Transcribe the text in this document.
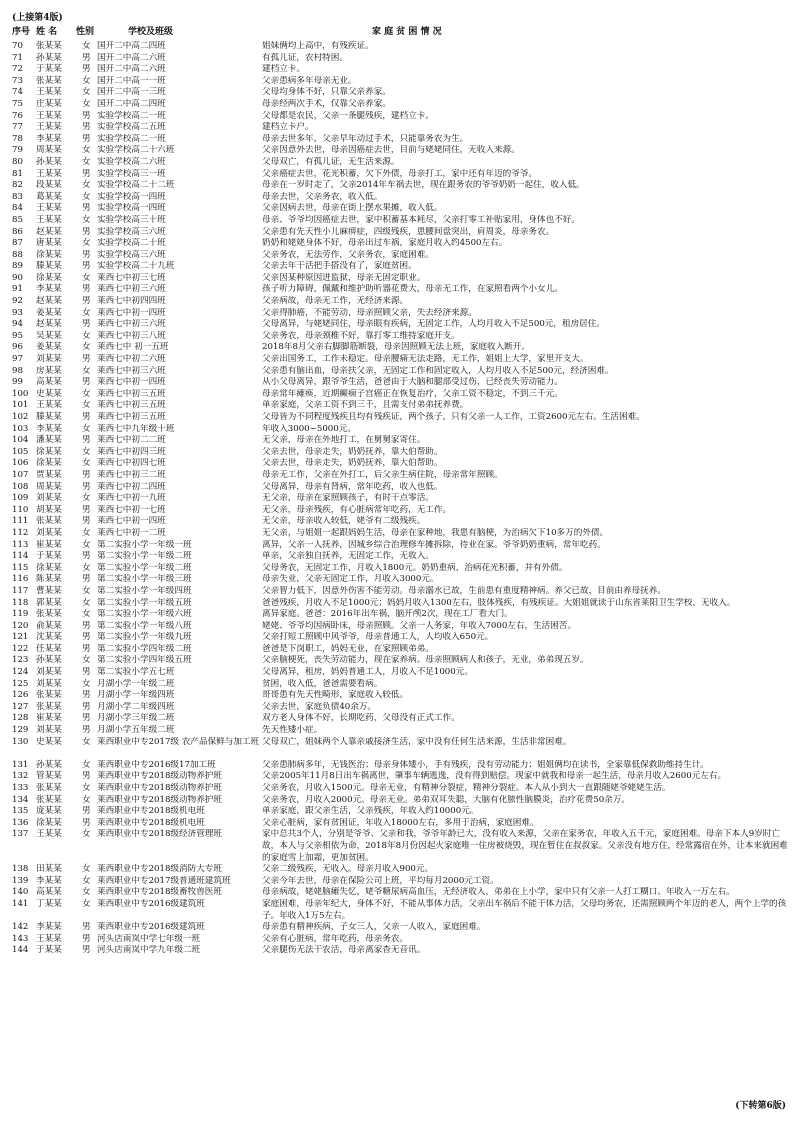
(上接第4版)
序号 姓 名 性别	学校及班级	家 庭 贫 困 情 况
70	张某某	女 国开二中高二四班	姐妹俩均上高中，有残疾证。
71	孙某某	男 国开二中高二六班	有孤儿证，农村特困。
72	于某某	男 国开二中高二六班	建档立卡。
73	张某某	女 国开二中高一一班	父亲患病多年母亲无业。
74	王某某	女 国开二中高一三班	父母均身体不好，只靠父亲养家。
75	庄某某	女 国开二中高二四班	母亲经两次手术，仅靠父亲养家。
76	王某某	男 实验学校高二一班	父母都是农民，父亲一条腿残疾，建档立卡。
77	王某某	男 实验学校高二五班	建档立卡户。
78	李某某	男 实验学校高二一班	母亲去世多年，父亲早年动过手术，只能靠务农为生。
79	周某某	女 实验学校高二十六班	父亲因意外去世，母亲因癌症去世，目前与姥姥同住，无收入来源。
80	孙某某	女 实验学校高二六班	父母双亡，有孤儿证，无生活来源。
81	王某某	男 实验学校高三一班	父亲癌症去世，花光积蓄，欠下外债，母亲打工，家中还有年迈的爷爷。
82	段某某	女 实验学校高二十二班	母亲在一岁时走了，父亲2014年车祸去世，现在跟务农的爷爷奶奶一起住，收入低。
83	葛某某	女 实验学校高一四班	母亲去世，父亲务农，收入低。
84	王某某	男 实验学校高一四班	父亲因病去世，母亲在街上摆水果摊，收入低。
85	王某某	女 实验学校高三十班	母亲、爷爷均因癌症去世，家中积蓄基本耗尽，父亲打零工补贴家用，身体也不好。
86	赵某某	男 实验学校高三六班	父亲患有先天性小儿麻痹症，四级残疾，患腰间盘突出，肩周炎，母亲务农。
87	唐某某	女 实验学校高二十班	奶奶和姥姥身体不好，母亲出过车祸，家庭月收入约4500左右。
88	徐某某	男 实验学校高三六班	父亲务农，无法劳作，父亲务农，家庭困难。
89	滕某某	男 实验学校高二十九班	父亲去年干活把手搭没有了，家庭贫困。
90	徐某某	女 莱西七中初三七班	父亲因某种原因进监狱，母亲无固定职业。
91	李某某	男 莱西七中初三六班	孩子听力障碍，佩戴和维护助听器花费大，母亲无工作，在家照看两个小女儿。
92	赵某某	男 莱西七中初四四班	父亲病故，母亲无工作，无经济来源。
93	姜某某	女 莱西七中初一四班	父亲得肺癌，不能劳动，母亲照顾父亲，失去经济来源。
94	赵某某	男 莱西七中初三六班	父母离异，与姥姥同住，母亲眼有疾病，无固定工作，人均月收入不足500元，租房居住。
95	吴某某	女 莱西七中初三八班	父亲务农，母亲颈椎不好，靠打零工维持家庭开支。
96	姜某某	女 莱西七中 初一五班	2018年8月父亲右脚脚筋断裂，母亲因照顾无法上班，家庭收入断开。
97	刘某某	男 莱西七中初二六班	父亲出国务工，工作未稳定。母亲腰痛无法走路，无工作，姐姐上大学，家里开支大。
98	房某某	女 莱西七中初三六班	父亲患有脑出血，母亲扶父亲，无固定工作和固定收入，人均月收入不足500元，经济困难。
99	高某某	男 莱西七中初一四班	从小父母离异，跟爷爷生活，爸爸由于大脑和腿部受过伤，已经丧失劳动能力。
100 史某某	女 莱西七中初三五班	母亲常年瘫痪，近期癫痫子宫癌正在恢复治疗，父亲工资不稳定，不到三千元。
101 王某某	女 莱西七中初三五班	单亲家庭，父亲工资不到三千，且需支付弟弟抚养费。
102 滕某某	男 莱西七中初三五班	父母皆为不同程度残疾且均有残疾证，两个孩子，只有父亲一人工作，工资2600元左右。生活困难。
103 李某某	女 莱西七中九年级十班	年收入3000~5000元。
104 潘某某	男 莱西七中初二二班	无父亲，母亲在外地打工，在舅舅家寄住。
105 徐某某	女 莱西七中初四三班	父亲去世，母亲走失，奶奶抚养，靠大伯帮助。
106 徐某某	女 莱西七中初四七班	父亲去世，母亲走失，奶奶抚养，靠大伯帮助。
107 贾某某	男 莱西七中初三二班	母亲无工作，父亲在外打工，后父亲生病住院，母亲常年照顾。
108 周某某	男 莱西七中初二四班	父母离异，母亲有肾病，常年吃药，收入也低。
109 刘某某	女 莱西七中初一九班	无父亲，母亲在家照顾孩子，有时干点零活。
110 胡某某	男 莱西七中初一七班	无父亲，母亲残疾，有心脏病常年吃药，无工作。
111 张某某	男 莱西七中初一四班	无父亲，母亲收入较低，姥爷有二级残疾。
112 刘某某	女 莱西七中初一二班	无父亲，与姐姐一起跟妈妈生活，母亲在家种地，我患有脑梗，为治病欠下10多万的外债。
113 崔某某	女 第二实验小学一年级一班	离异，父亲一人抚养，因城乡综合治理修车摊拆除，待业在家。爷爷奶奶重病，常年吃药。
114 于某某	男 第二实验小学一年级二班	单亲，父亲独自抚养，无固定工作，无收入。
115 徐某某	女 第二实验小学一年级二班	父母务农，无固定工作，月收入1800元。奶奶重病，治病花光积蓄，并有外债。
116 陈某某	男 第二实验小学一年级三班	母亲失业，父亲无固定工作，月收入3000元。
117 曹某某	女 第二实验小学一年级四班	父亲智力低下，因意外伤害不能劳动。母亲溺水已故，生前患有重度精神病。养父已故，目前由养母抚养。
118 郭某某	女 第二实验小学一年级五班	爸爸残疾，月收入不足1000元；妈妈月收入1300左右，肢体残疾，有残疾证。大姐姐就读于山东省莱阳卫生学校，无收入。
119 张某某	女 第二实验小学一年级六班	离异家庭。爸爸：2016年出车祸，脑开颅2次，现在工厂看大门。
120 俞某某	男 第二实验小学一年级八班	姥姥、爷爷均因病卧床，母亲照顾。父亲一人务家，年收入7000左右，生活困苦。
121 沈某某	男 第二实验小学一年级九班	父亲打短工照顾中风爷爷，母亲普通工人，人均收入650元。
122 任某某	男 第二实验小学四年级二班	爸爸是下岗职工，妈妈无业，在家照顾弟弟。
123 孙某某	女 第二实验小学四年级五班	父亲脑梗死，丧失劳动能力，现在家养病。母亲照顾病人和孩子，无业，弟弟现五岁。
124 刘某某	男 第二实验小学五七班	父母离异，租房，妈妈普通工人，月收入不足1000元。
125 刘某某	女 月湖小学一年级二班	贫困，收入低，爸爸需要看病。
126 张某某	男 月湖小学一年级四班	哥哥患有先天性畸形，家庭收入较低。
127 张某某	男 月湖小学二年级四班	父亲去世，家庭负债40余万。
128 崔某某	男 月湖小学三年级二班	双方老人身体不好，长期吃药，父母没有正式工作。
129 刘某某	男 月湖小学五年级二班	先天性矮小症。
130 史某某	女 莱西职业中专2017级 农产品保鲜与加工班 父母双亡，姐妹两个人靠亲戚接济生活，家中没有任何生活来源，生活非常困难。
131 孙某某	女 莱西职业中专2016级17加工班	父亲患肺病多年，无钱医治；母亲身体矮小，手有残疾，没有劳动能力；姐姐俩均在读书，全家靠低保救助维持生计。
132 管某某	男 莱西职业中专2018级动物养护班	父亲2005年11月8日出车祸离世，肇事车辆逃逸，没有得到赔偿。现家中就我和母亲一起生活，母亲月收入2600元左右。
133 张某某	女 莱西职业中专2018级动物养护班	父亲务农，月收入1500元。母亲无业，有精神分裂症，精神分裂症。本人从小到大一直跟随姥爷姥姥生活。
134 张某某	女 莱西职业中专2018级动物养护班	父亲务农，月收入2000元。母亲无业。弟弟双耳失聪，大脑有化脓性脑膜炎，治疗花费50余万。
135 庞某某	男 莱西职业中专2018级机电班	单亲家庭，跟父亲生活，父亲残疾，年收入约10000元。
136 徐某某	男 莱西职业中专2018级机电班	父亲心脏病，家有贫困证，年收入18000左右，多用于治病，家庭困难。
137 王某某	女 莱西职业中专2018级经济管理班	家中总共3个人，分别是爷爷、父亲和我，爷爷年龄已大，没有收入来源，父亲在家务农，年收入五千元，家庭困难。母亲下本人9岁时亡故，本人与父亲相依为命，2018年8月份因起火家庭唯一住房被烧毁，现在暂住在叔叔家。父亲没有地方住，经常露宿在外，让本来就困难的家庭雪上加霜，更加贫困。
138 田某某	女 莱西职业中专2018级消防大专班	父亲二级残疾，无收入。母亲月收入900元。
139 李某某	女 莱西职业中专2017级普通班建筑班	父亲今年去世，母亲在保险公司上班，平均每月2000元工资。
140 高某某	女 莱西职业中专2018级畜牧兽医班	母亲病故，姥姥脑瘫失忆，姥爷糖尿病高血压，无经济收入，弟弟在上小学，家中只有父亲一人打工糊口。年收入一万左右。
141 丁某某	女 莱西职业中专2016级建筑班	家庭困难，母亲年纪大，身体不好，不能从事体力活，父亲出车祸后不能干体力活，父母均务农，还需照顾两个年迈的老人，两个上学的孩子。年收入1万5左右。
142 李某某	男 莱西职业中专2016级建筑班	母亲患有精神疾病，子女三人，父亲一人收入，家庭困难。
143 王某某	男 河头店南岚中学七年级一班	父亲有心脏病，常年吃药，母亲务农。
144 于某某	男 河头店南岚中学九年级二班	父亲腿伤无法干农活，母亲离家杳无音讯。
(下转第6版)
